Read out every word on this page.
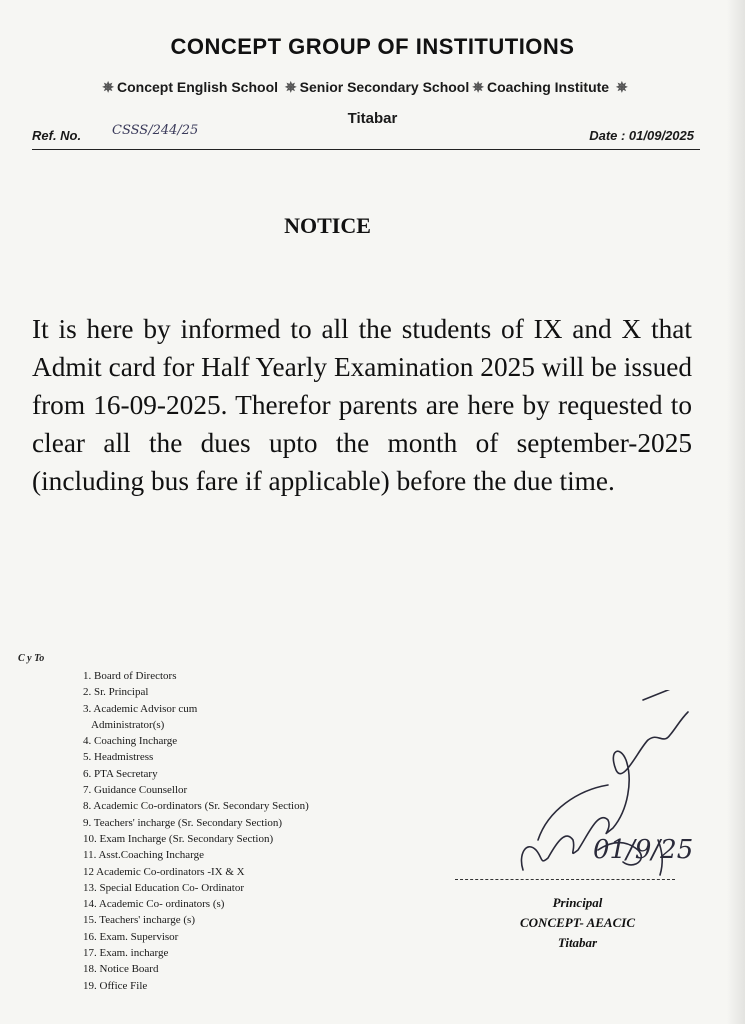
CONCEPT GROUP OF INSTITUTIONS
✵ Concept English School ✵ Senior Secondary School ✵ Coaching Institute ✵
Titabar
Ref. No. CSSS/244/25	Date : 01/09/2025
NOTICE
It is here by informed to all the students of IX and X that Admit card for Half Yearly Examination 2025 will be issued from 16-09-2025. Therefor parents are here by requested to clear all the dues upto the month of september-2025 (including bus fare if applicable) before the due time.
C y To
1. Board of Directors
2. Sr. Principal
3. Academic Advisor cum
Administrator(s)
4. Coaching Incharge
5. Headmistress
6. PTA Secretary
7. Guidance Counsellor
8. Academic Co-ordinators (Sr. Secondary Section)
9. Teachers' incharge (Sr. Secondary Section)
10. Exam Incharge (Sr. Secondary Section)
11. Asst.Coaching Incharge
12 Academic Co-ordinators -IX & X
13. Special Education Co- Ordinator
14. Academic Co- ordinators (s)
15. Teachers' incharge (s)
16. Exam. Supervisor
17. Exam. incharge
18. Notice Board
19. Office File
01/9/25
Principal
CONCEPT- AEACIC
Titabar
